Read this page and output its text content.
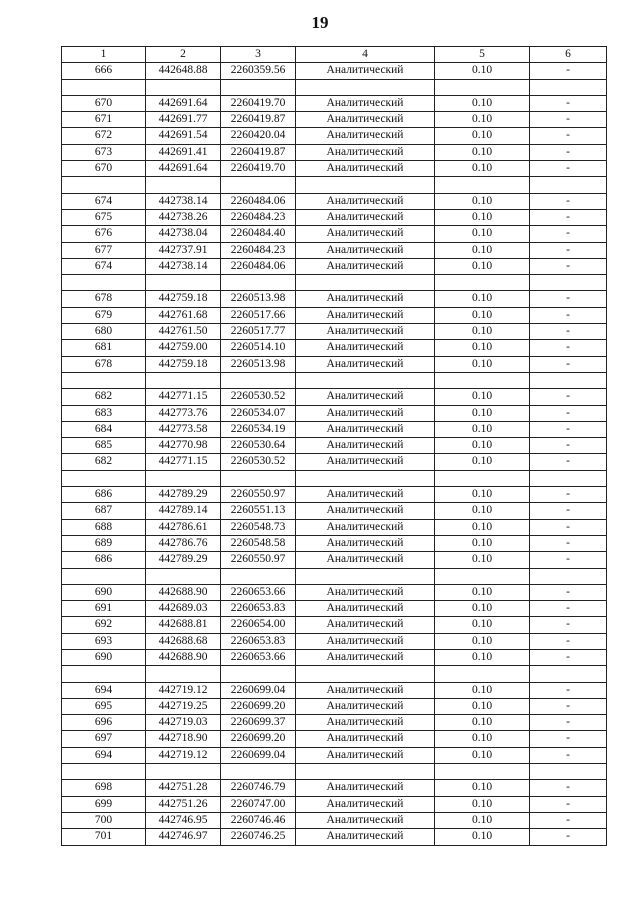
19
1	2	3	4	5	6
666	442648.88	2260359.56	Аналитический	0.10	-

670	442691.64	2260419.70	Аналитический	0.10	-
671	442691.77	2260419.87	Аналитический	0.10	-
672	442691.54	2260420.04	Аналитический	0.10	-
673	442691.41	2260419.87	Аналитический	0.10	-
670	442691.64	2260419.70	Аналитический	0.10	-

674	442738.14	2260484.06	Аналитический	0.10	-
675	442738.26	2260484.23	Аналитический	0.10	-
676	442738.04	2260484.40	Аналитический	0.10	-
677	442737.91	2260484.23	Аналитический	0.10	-
674	442738.14	2260484.06	Аналитический	0.10	-

678	442759.18	2260513.98	Аналитический	0.10	-
679	442761.68	2260517.66	Аналитический	0.10	-
680	442761.50	2260517.77	Аналитический	0.10	-
681	442759.00	2260514.10	Аналитический	0.10	-
678	442759.18	2260513.98	Аналитический	0.10	-

682	442771.15	2260530.52	Аналитический	0.10	-
683	442773.76	2260534.07	Аналитический	0.10	-
684	442773.58	2260534.19	Аналитический	0.10	-
685	442770.98	2260530.64	Аналитический	0.10	-
682	442771.15	2260530.52	Аналитический	0.10	-

686	442789.29	2260550.97	Аналитический	0.10	-
687	442789.14	2260551.13	Аналитический	0.10	-
688	442786.61	2260548.73	Аналитический	0.10	-
689	442786.76	2260548.58	Аналитический	0.10	-
686	442789.29	2260550.97	Аналитический	0.10	-

690	442688.90	2260653.66	Аналитический	0.10	-
691	442689.03	2260653.83	Аналитический	0.10	-
692	442688.81	2260654.00	Аналитический	0.10	-
693	442688.68	2260653.83	Аналитический	0.10	-
690	442688.90	2260653.66	Аналитический	0.10	-

694	442719.12	2260699.04	Аналитический	0.10	-
695	442719.25	2260699.20	Аналитический	0.10	-
696	442719.03	2260699.37	Аналитический	0.10	-
697	442718.90	2260699.20	Аналитический	0.10	-
694	442719.12	2260699.04	Аналитический	0.10	-

698	442751.28	2260746.79	Аналитический	0.10	-
699	442751.26	2260747.00	Аналитический	0.10	-
700	442746.95	2260746.46	Аналитический	0.10	-
701	442746.97	2260746.25	Аналитический	0.10	-
